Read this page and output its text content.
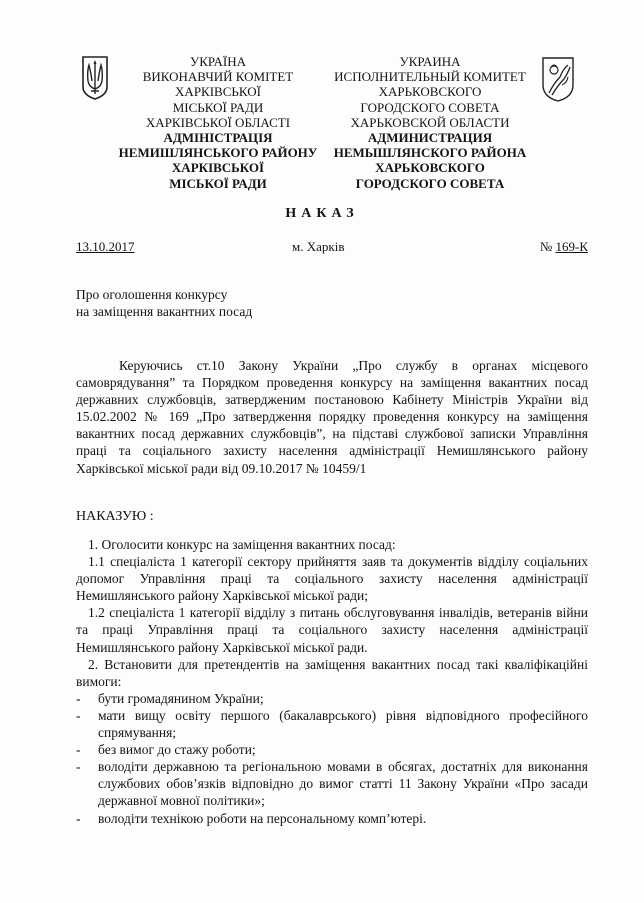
УКРАЇНА
ВИКОНАВЧИЙ КОМІТЕТ
ХАРКІВСЬКОЇ
МІСЬКОЇ РАДИ
ХАРКІВСЬКОЇ ОБЛАСТІ
АДМІНІСТРАЦІЯ
НЕМИШЛЯНСЬКОГО РАЙОНУ
ХАРКІВСЬКОЇ
МІСЬКОЇ РАДИ
УКРАИНА
ИСПОЛНИТЕЛЬНЫЙ КОМИТЕТ
ХАРЬКОВСКОГО
ГОРОДСКОГО СОВЕТА
ХАРЬКОВСКОЙ ОБЛАСТИ
АДМИНИСТРАЦИЯ
НЕМЫШЛЯНСКОГО РАЙОНА
ХАРЬКОВСКОГО
ГОРОДСКОГО СОВЕТА
НАКАЗ
13.10.2017	м. Харків	№ 169-К
Про оголошення конкурсу
на заміщення вакантних посад

Керуючись ст.10 Закону України „Про службу в органах місцевого самоврядування” та Порядком проведення конкурсу на заміщення вакантних посад державних службовців, затвердженим постановою Кабінету Міністрів України від 15.02.2002 № 169 „Про затвердження порядку проведення конкурсу на заміщення вакантних посад державних службовців”, на підставі службової записки Управління праці та соціального захисту населення адміністрації Немишлянського району Харківської міської ради від 09.10.2017 № 10459/1

НАКАЗУЮ :

1. Оголосити конкурс на заміщення вакантних посад:

1.1 спеціаліста 1 категорії сектору прийняття заяв та документів відділу соціальних допомог Управління праці та соціального захисту населення адміністрації Немишлянського району Харківської міської ради;

1.2 спеціаліста 1 категорії відділу з питань обслуговування інвалідів, ветеранів війни та праці Управління праці та соціального захисту населення адміністрації Немишлянського району Харківської міської ради.

2. Встановити для претендентів на заміщення вакантних посад такі кваліфікаційні вимоги:

-	бути громадянином України;
-	мати вищу освіту першого (бакалаврського) рівня відповідного професійного спрямування;
-	без вимог до стажу роботи;
-	володіти державною та регіональною мовами в обсягах, достатніх для виконання службових обов’язків відповідно до вимог статті 11 Закону України «Про засади державної мовної політики»;
-	володіти технікою роботи на персональному комп’ютері.
